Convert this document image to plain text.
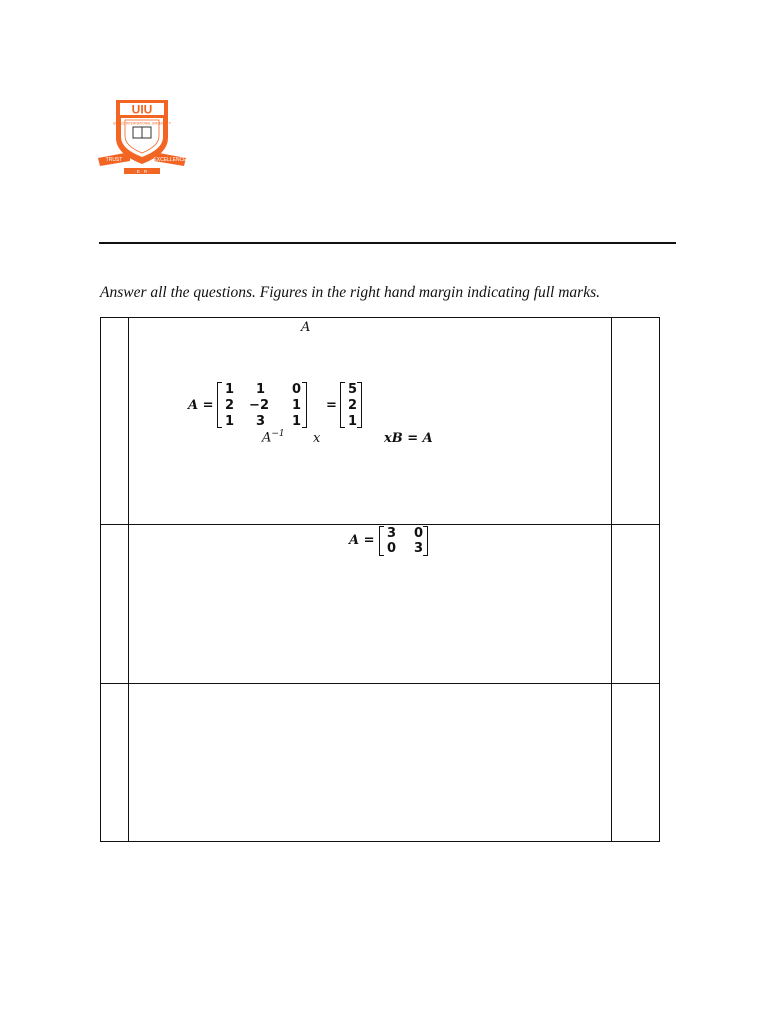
UIU
UNITED INTERNATIONAL UNIVERSITY
TRUST	EXCELLENCE
· E · R ·
Answer all the questions. Figures in the right hand margin indicating full marks.
A
A =
1	1	0
2 −2	1
1	3	1
=
5
2
1
$A^{-1}$ x	xB = A
A = 3	0
0	3
